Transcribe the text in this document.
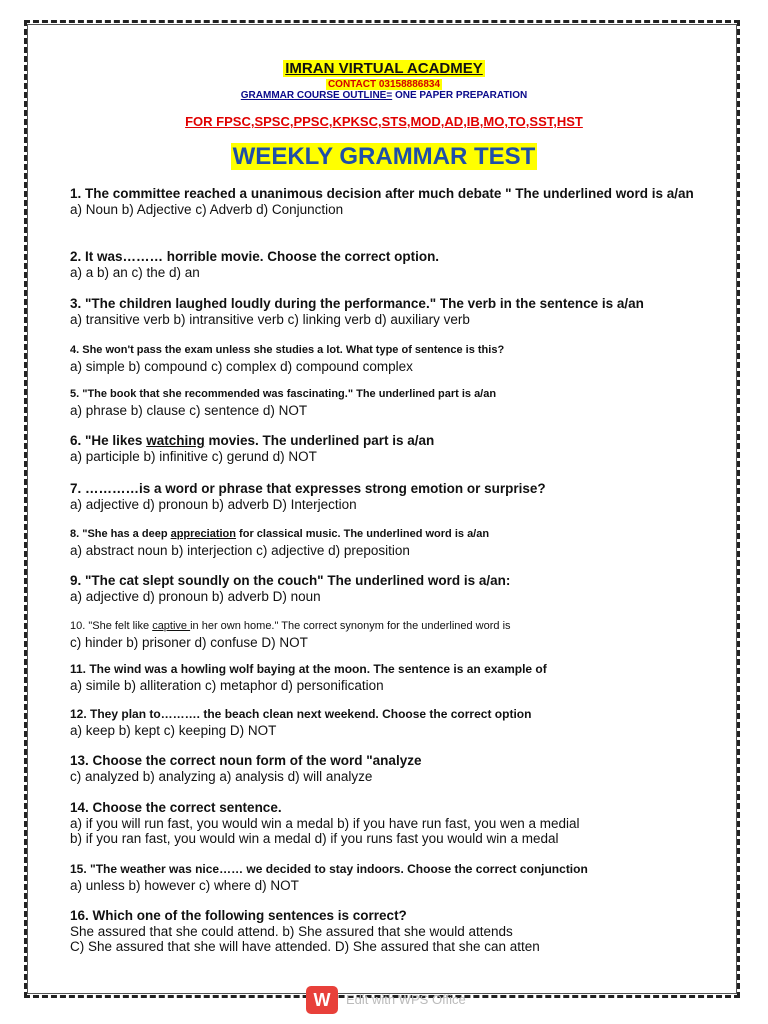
IMRAN VIRTUAL ACADMEY
CONTACT 03158886834
GRAMMAR COURSE OUTLINE= ONE PAPER PREPARATION
FOR FPSC,SPSC,PPSC,KPKSC,STS,MOD,AD,IB,MO,TO,SST,HST
WEEKLY GRAMMAR TEST
1. The committee reached a unanimous decision after much debate " The underlined word is a/an
a) Noun b) Adjective c) Adverb d) Conjunction
2. It was……… horrible movie. Choose the correct option.
a) a b) an c) the d) an
3. "The children laughed loudly during the performance." The verb in the sentence is a/an
a) transitive verb b) intransitive verb c) linking verb d) auxiliary verb
4. She won't pass the exam unless she studies a lot. What type of sentence is this?
a) simple b) compound c) complex d) compound complex
5. "The book that she recommended was fascinating." The underlined part is a/an
a) phrase b) clause c) sentence d) NOT
6. "He likes watching movies. The underlined part is a/an
a) participle b) infinitive c) gerund d) NOT
7. …………is a word or phrase that expresses strong emotion or surprise?
a) adjective d) pronoun b) adverb D) Interjection
8. "She has a deep appreciation for classical music. The underlined word is a/an
a) abstract noun b) interjection c) adjective d) preposition
9. "The cat slept soundly on the couch" The underlined word is a/an:
a) adjective d) pronoun b) adverb D) noun
10. "She felt like captive in her own home." The correct synonym for the underlined word is
c) hinder b) prisoner d) confuse D) NOT
11. The wind was a howling wolf baying at the moon. The sentence is an example of
a) simile b) alliteration c) metaphor d) personification
12. They plan to………. the beach clean next weekend. Choose the correct option
a) keep b) kept c) keeping D) NOT
13. Choose the correct noun form of the word "analyze
c) analyzed b) analyzing a) analysis d) will analyze
14. Choose the correct sentence.
a) if you will run fast, you would win a medal b) if you have run fast, you wen a medial
b) if you ran fast, you would win a medal d) if you runs fast you would win a medal
15. "The weather was nice…… we decided to stay indoors. Choose the correct conjunction
a) unless b) however c) where d) NOT
16. Which one of the following sentences is correct?
She assured that she could attend. b) She assured that she would attends
C) She assured that she will have attended. D) She assured that she can atten
W	Edit with WPS Office
